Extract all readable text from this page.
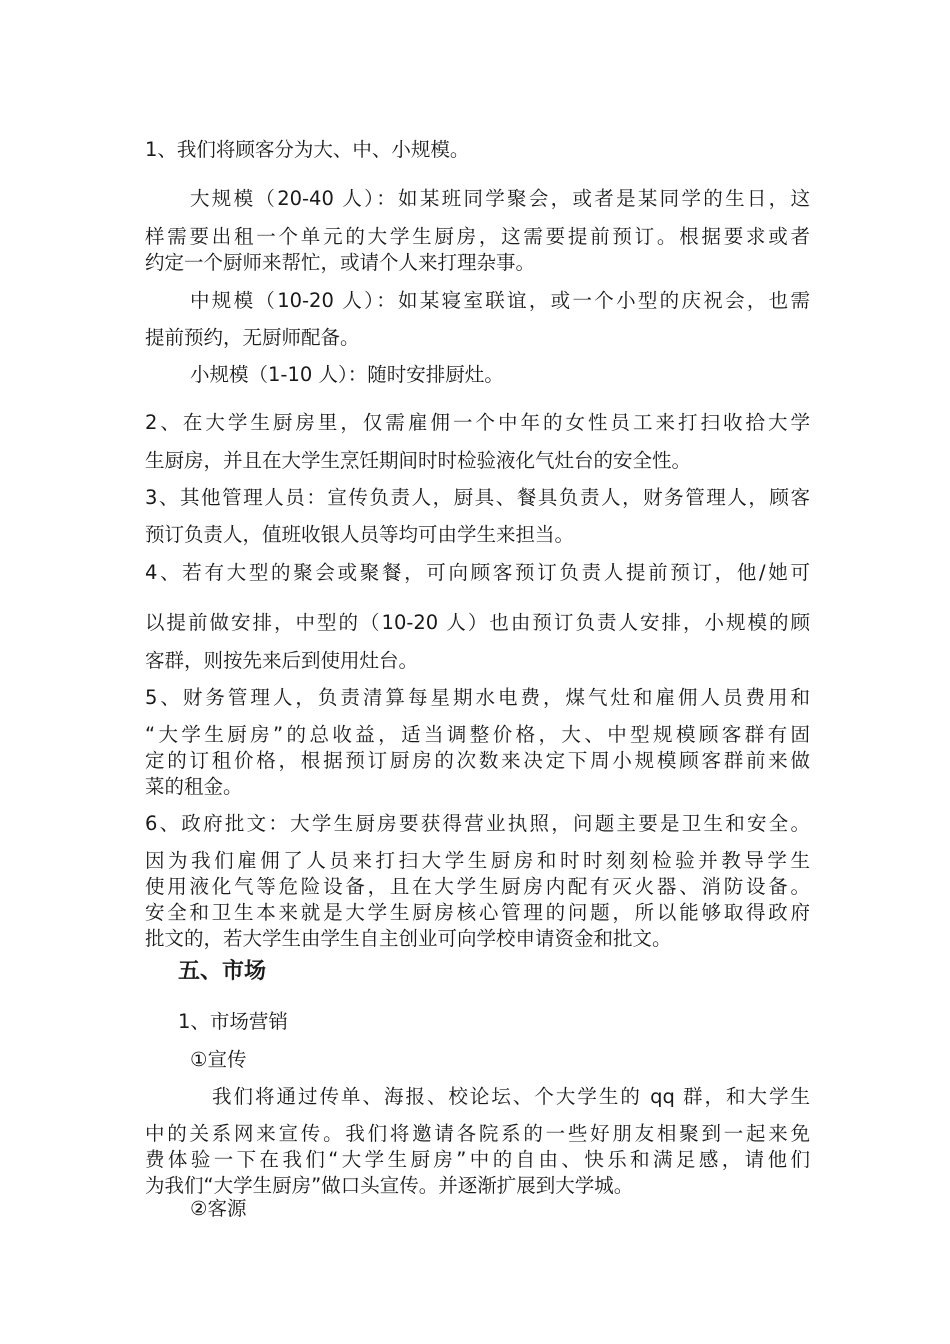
1、我们将顾客分为大、中、小规模。
大规模（20-40 人）：如某班同学聚会，或者是某同学的生日，这
样需要出租一个单元的大学生厨房，这需要提前预订。根据要求或者
约定一个厨师来帮忙，或请个人来打理杂事。
中规模（10-20 人）：如某寝室联谊，或一个小型的庆祝会，也需
提前预约，无厨师配备。
小规模（1-10 人）：随时安排厨灶。
2、在大学生厨房里，仅需雇佣一个中年的女性员工来打扫收拾大学
生厨房，并且在大学生烹饪期间时时检验液化气灶台的安全性。
3、其他管理人员：宣传负责人，厨具、餐具负责人，财务管理人，顾客
预订负责人，值班收银人员等均可由学生来担当。
4、若有大型的聚会或聚餐，可向顾客预订负责人提前预订，他/她可
以提前做安排，中型的（10-20 人）也由预订负责人安排，小规模的顾
客群，则按先来后到使用灶台。
5、财务管理人，负责清算每星期水电费，煤气灶和雇佣人员费用和
“大学生厨房”的总收益，适当调整价格，大、中型规模顾客群有固
定的订租价格，根据预订厨房的次数来决定下周小规模顾客群前来做
菜的租金。
6、政府批文：大学生厨房要获得营业执照，问题主要是卫生和安全。
因为我们雇佣了人员来打扫大学生厨房和时时刻刻检验并教导学生
使用液化气等危险设备，且在大学生厨房内配有灭火器、消防设备。
安全和卫生本来就是大学生厨房核心管理的问题，所以能够取得政府
批文的，若大学生由学生自主创业可向学校申请资金和批文。
五、市场
1、市场营销
①宣传
我们将通过传单、海报、校论坛、个大学生的 qq 群，和大学生
中的关系网来宣传。我们将邀请各院系的一些好朋友相聚到一起来免
费体验一下在我们“大学生厨房”中的自由、快乐和满足感，请他们
为我们“大学生厨房”做口头宣传。并逐渐扩展到大学城。
②客源
